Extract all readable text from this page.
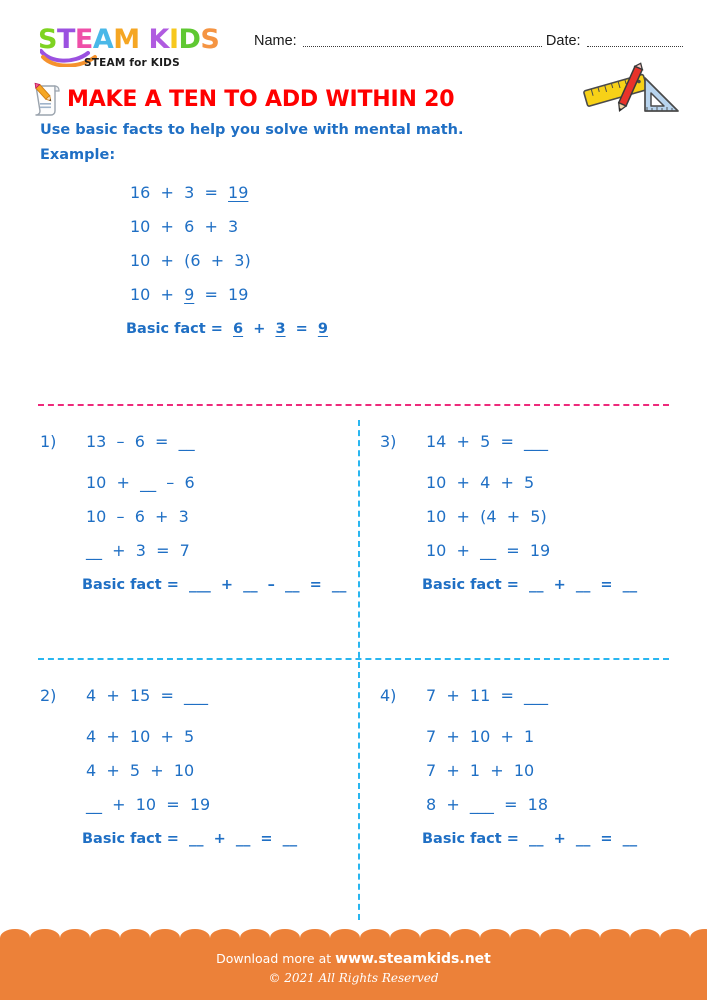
STEAM KIDS
STEAM for KIDS
Name:	Date:
MAKE A TEN TO ADD WITHIN 20
Use basic facts to help you solve with mental math.
Example:
16  +  3  =  19
10  +  6  +  3
10  +  (6  +  3)
10  +  9  =  19
Basic fact =  6  +  3  =  9
1)	13  –  6  =  __
10  +  __  –  6
10  –  6  +  3
__  +  3  =  7
Basic fact =  ___  +  __  –  __  =  __
3)	14  +  5  =  ___
10  +  4  +  5
10  +  (4  +  5)
10  +  __  =  19
Basic fact =  __  +  __  =  __
2)	4  +  15  =  ___
4  +  10  +  5
4  +  5  +  10
__  +  10  =  19
Basic fact =  __  +  __  =  __
4)	7  +  11  =  ___
7  +  10  +  1
7  +  1  +  10
8  +  ___  =  18
Basic fact =  __  +  __  =  __
Download more at www.steamkids.net
© 2021 All Rights Reserved
